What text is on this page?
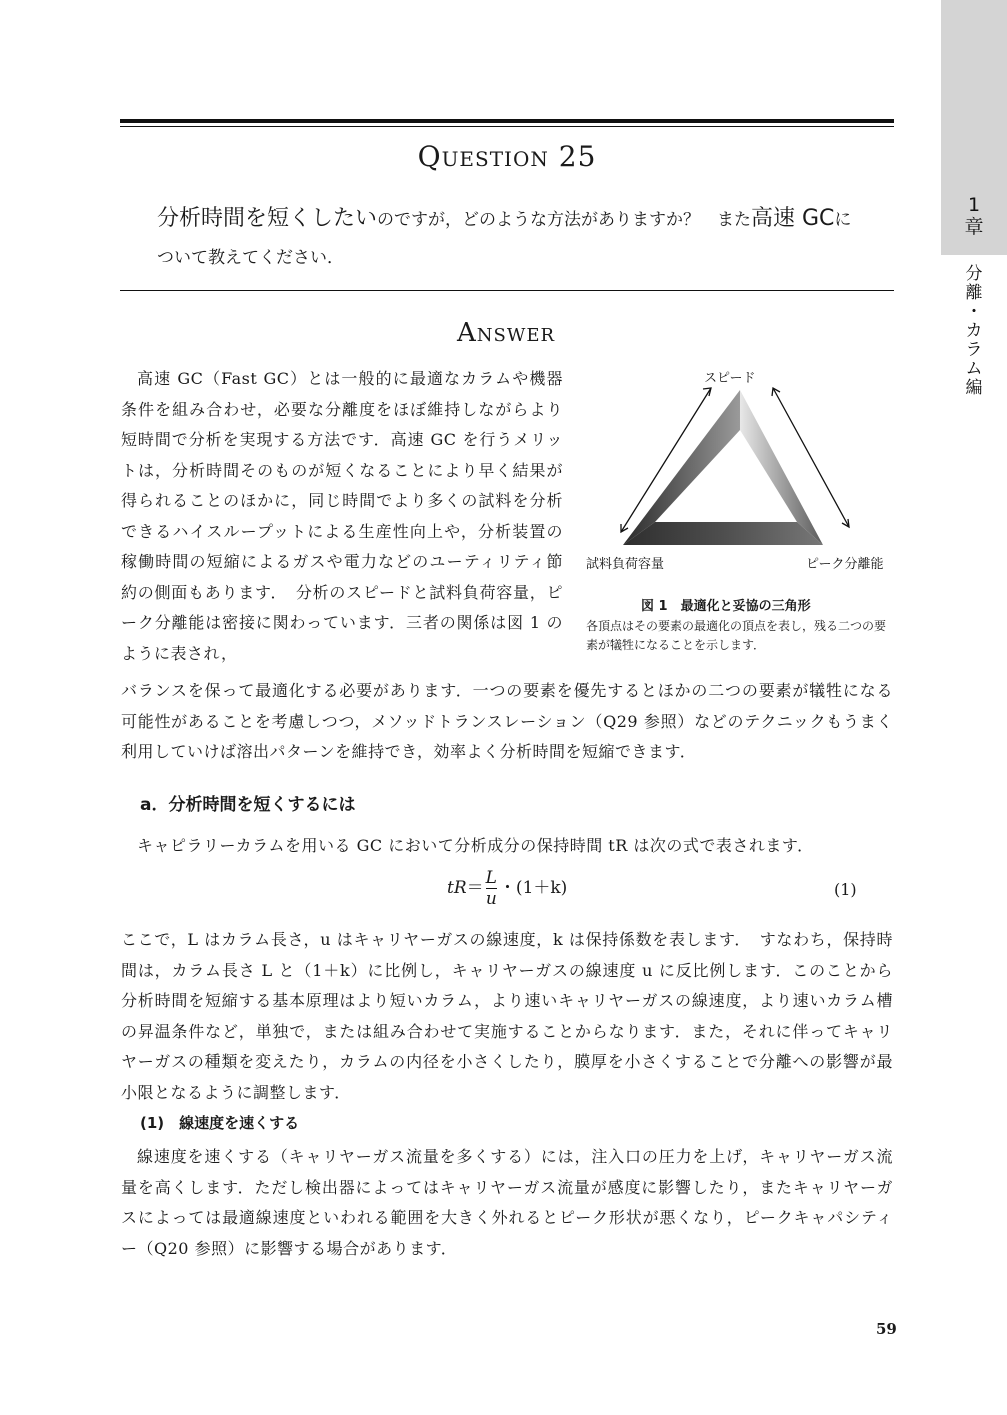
1
章
分
離
・
カ
ラ
ム
編
Question 25
分析時間を短くしたいのですが，どのような方法がありますか？　また高速 GCについて教えてください．
Answer
高速 GC（Fast GC）とは一般的に最適なカラムや機器条件を組み合わせ，必要な分離度をほぼ維持しながらより短時間で分析を実現する方法です．高速 GC を行うメリットは，分析時間そのものが短くなることにより早く結果が得られることのほかに，同じ時間でより多くの試料を分析できるハイスループットによる生産性向上や，分析装置の稼働時間の短縮によるガスや電力などのユーティリティ節約の側面もあります．　分析のスピードと試料負荷容量，ピーク分離能は密接に関わっています．三者の関係は図 1 のように表され，
スピード
試料負荷容量	ピーク分離能
図 1　最適化と妥協の三角形
各頂点はその要素の最適化の頂点を表し，残る二つの要素が犠牲になることを示します．
バランスを保って最適化する必要があります．一つの要素を優先するとほかの二つの要素が犠牲になる可能性があることを考慮しつつ，メソッドトランスレーション（Q29 参照）などのテクニックもうまく利用していけば溶出パターンを維持でき，効率よく分析時間を短縮できます．
a．分析時間を短くするには
キャピラリーカラムを用いる GC において分析成分の保持時間 tR は次の式で表されます．
$tR= \frac{L}{u}$ ・(1＋k)	(1)
ここで，L はカラム長さ，u はキャリヤーガスの線速度，k は保持係数を表します．　すなわち，保持時間は，カラム長さ L と（1＋k）に比例し，キャリヤーガスの線速度 u に反比例します．このことから分析時間を短縮する基本原理はより短いカラム，より速いキャリヤーガスの線速度，より速いカラム槽の昇温条件など，単独で，または組み合わせて実施することからなります．また，それに伴ってキャリヤーガスの種類を変えたり，カラムの内径を小さくしたり，膜厚を小さくすることで分離への影響が最小限となるように調整します．
(1)　線速度を速くする
線速度を速くする（キャリヤーガス流量を多くする）には，注入口の圧力を上げ，キャリヤーガス流量を高くします．ただし検出器によってはキャリヤーガス流量が感度に影響したり，またキャリヤーガスによっては最適線速度といわれる範囲を大きく外れるとピーク形状が悪くなり，ピークキャパシティー（Q20 参照）に影響する場合があります．
59
